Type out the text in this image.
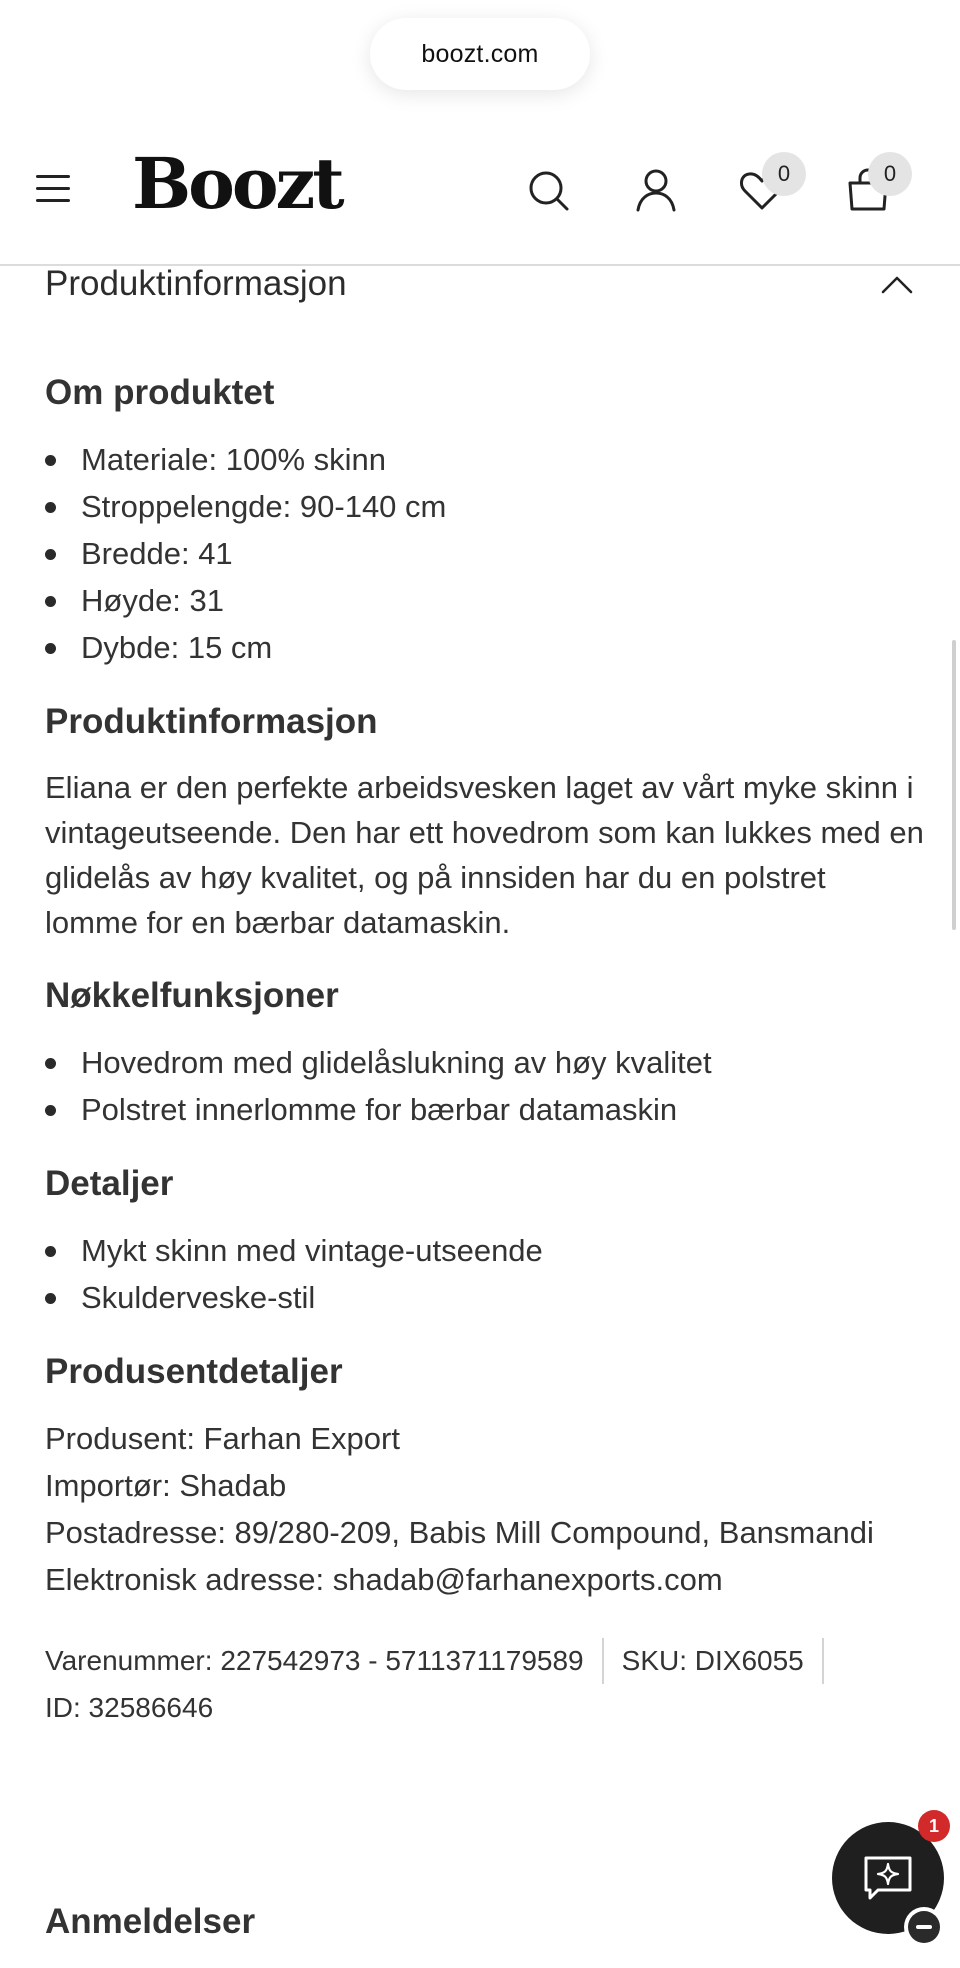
boozt.com
Boozt	0	0
Produktinformasjon
Om produktet
Materiale: 100% skinn
Stroppelengde: 90-140 cm
Bredde: 41
Høyde: 31
Dybde: 15 cm
Produktinformasjon

Eliana er den perfekte arbeidsvesken laget av vårt myke skinn i vintageutseende. Den har ett hovedrom som kan lukkes med en glidelås av høy kvalitet, og på innsiden har du en polstret lomme for en bærbar datamaskin.

Nøkkelfunksjoner
Hovedrom med glidelåslukning av høy kvalitet
Polstret innerlomme for bærbar datamaskin
Detaljer
Mykt skinn med vintage-utseende
Skulderveske-stil
Produsentdetaljer
Produsent: Farhan Export
Importør: Shadab
Postadresse: 89/280-209, Babis Mill Compound, Bansmandi
Elektronisk adresse: shadab@farhanexports.com
Varenummer: 227542973 - 5711371179589 SKU: DIX6055
ID: 32586646
Anmeldelser
1
